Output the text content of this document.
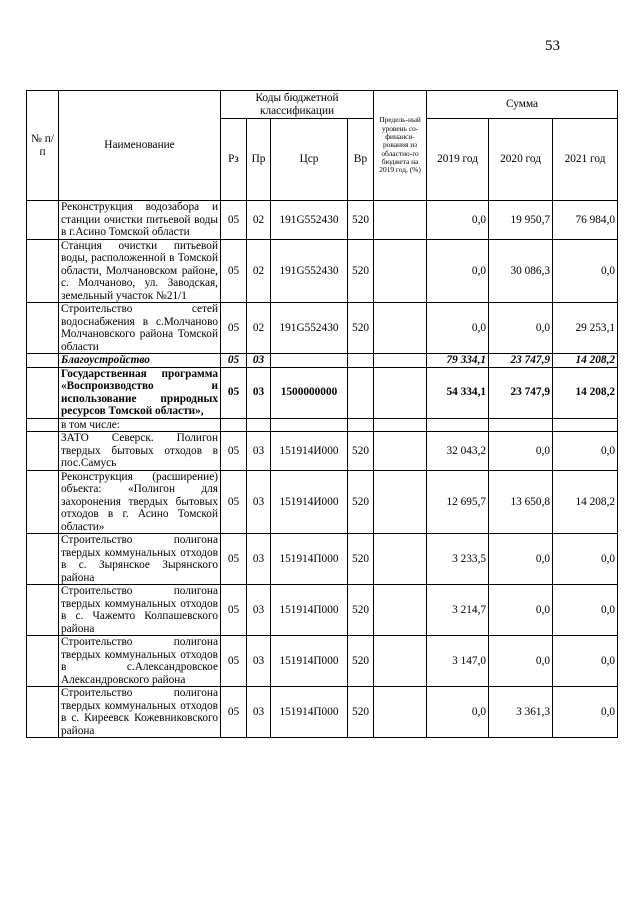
53
№ п/п	Наименование	Коды бюджетной классификации				Предель-ный уровень со-финанси-рования из областно-го бюджета на 2019 год, (%)	Сумма		
		Рз	Пр	Цср	Вр		2019 год	2020 год	2021 год
	Реконструкция водозабора и станции очистки питьевой воды в г.Асино Томской области	05	02	191G552430	520		0,0	19 950,7	76 984,0
	Станция очистки питьевой воды, расположенной в Томской области, Молчановском районе, с. Молчаново, ул. Заводская, земельный участок №21/1	05	02	191G552430	520		0,0	30 086,3	0,0
	Строительство сетей водоснабжения в с.Молчаново Молчановского района Томской области	05	02	191G552430	520		0,0	0,0	29 253,1
	Благоустройство	05	03				79 334,1	23 747,9	14 208,2
	Государственная программа «Воспроизводство и использование природных ресурсов Томской области»,	05	03	1500000000			54 334,1	23 747,9	14 208,2
	в том числе:								
	ЗАТО Северск. Полигон твердых бытовых отходов в пос.Самусь	05	03	151914И000	520		32 043,2	0,0	0,0
	Реконструкция (расширение) объекта: «Полигон для захоронения твердых бытовых отходов в г. Асино Томской области»	05	03	151914И000	520		12 695,7	13 650,8	14 208,2
	Строительство полигона твердых коммунальных отходов в с. Зырянское Зырянского района	05	03	151914П000	520		3 233,5	0,0	0,0
	Строительство полигона твердых коммунальных отходов в с. Чажемто Колпашевского района	05	03	151914П000	520		3 214,7	0,0	0,0
	Строительство полигона твердых коммунальных отходов в с.Александровское Александровского района	05	03	151914П000	520		3 147,0	0,0	0,0
	Строительство полигона твердых коммунальных отходов в с. Киреевск Кожевниковского района	05	03	151914П000	520		0,0	3 361,3	0,0
